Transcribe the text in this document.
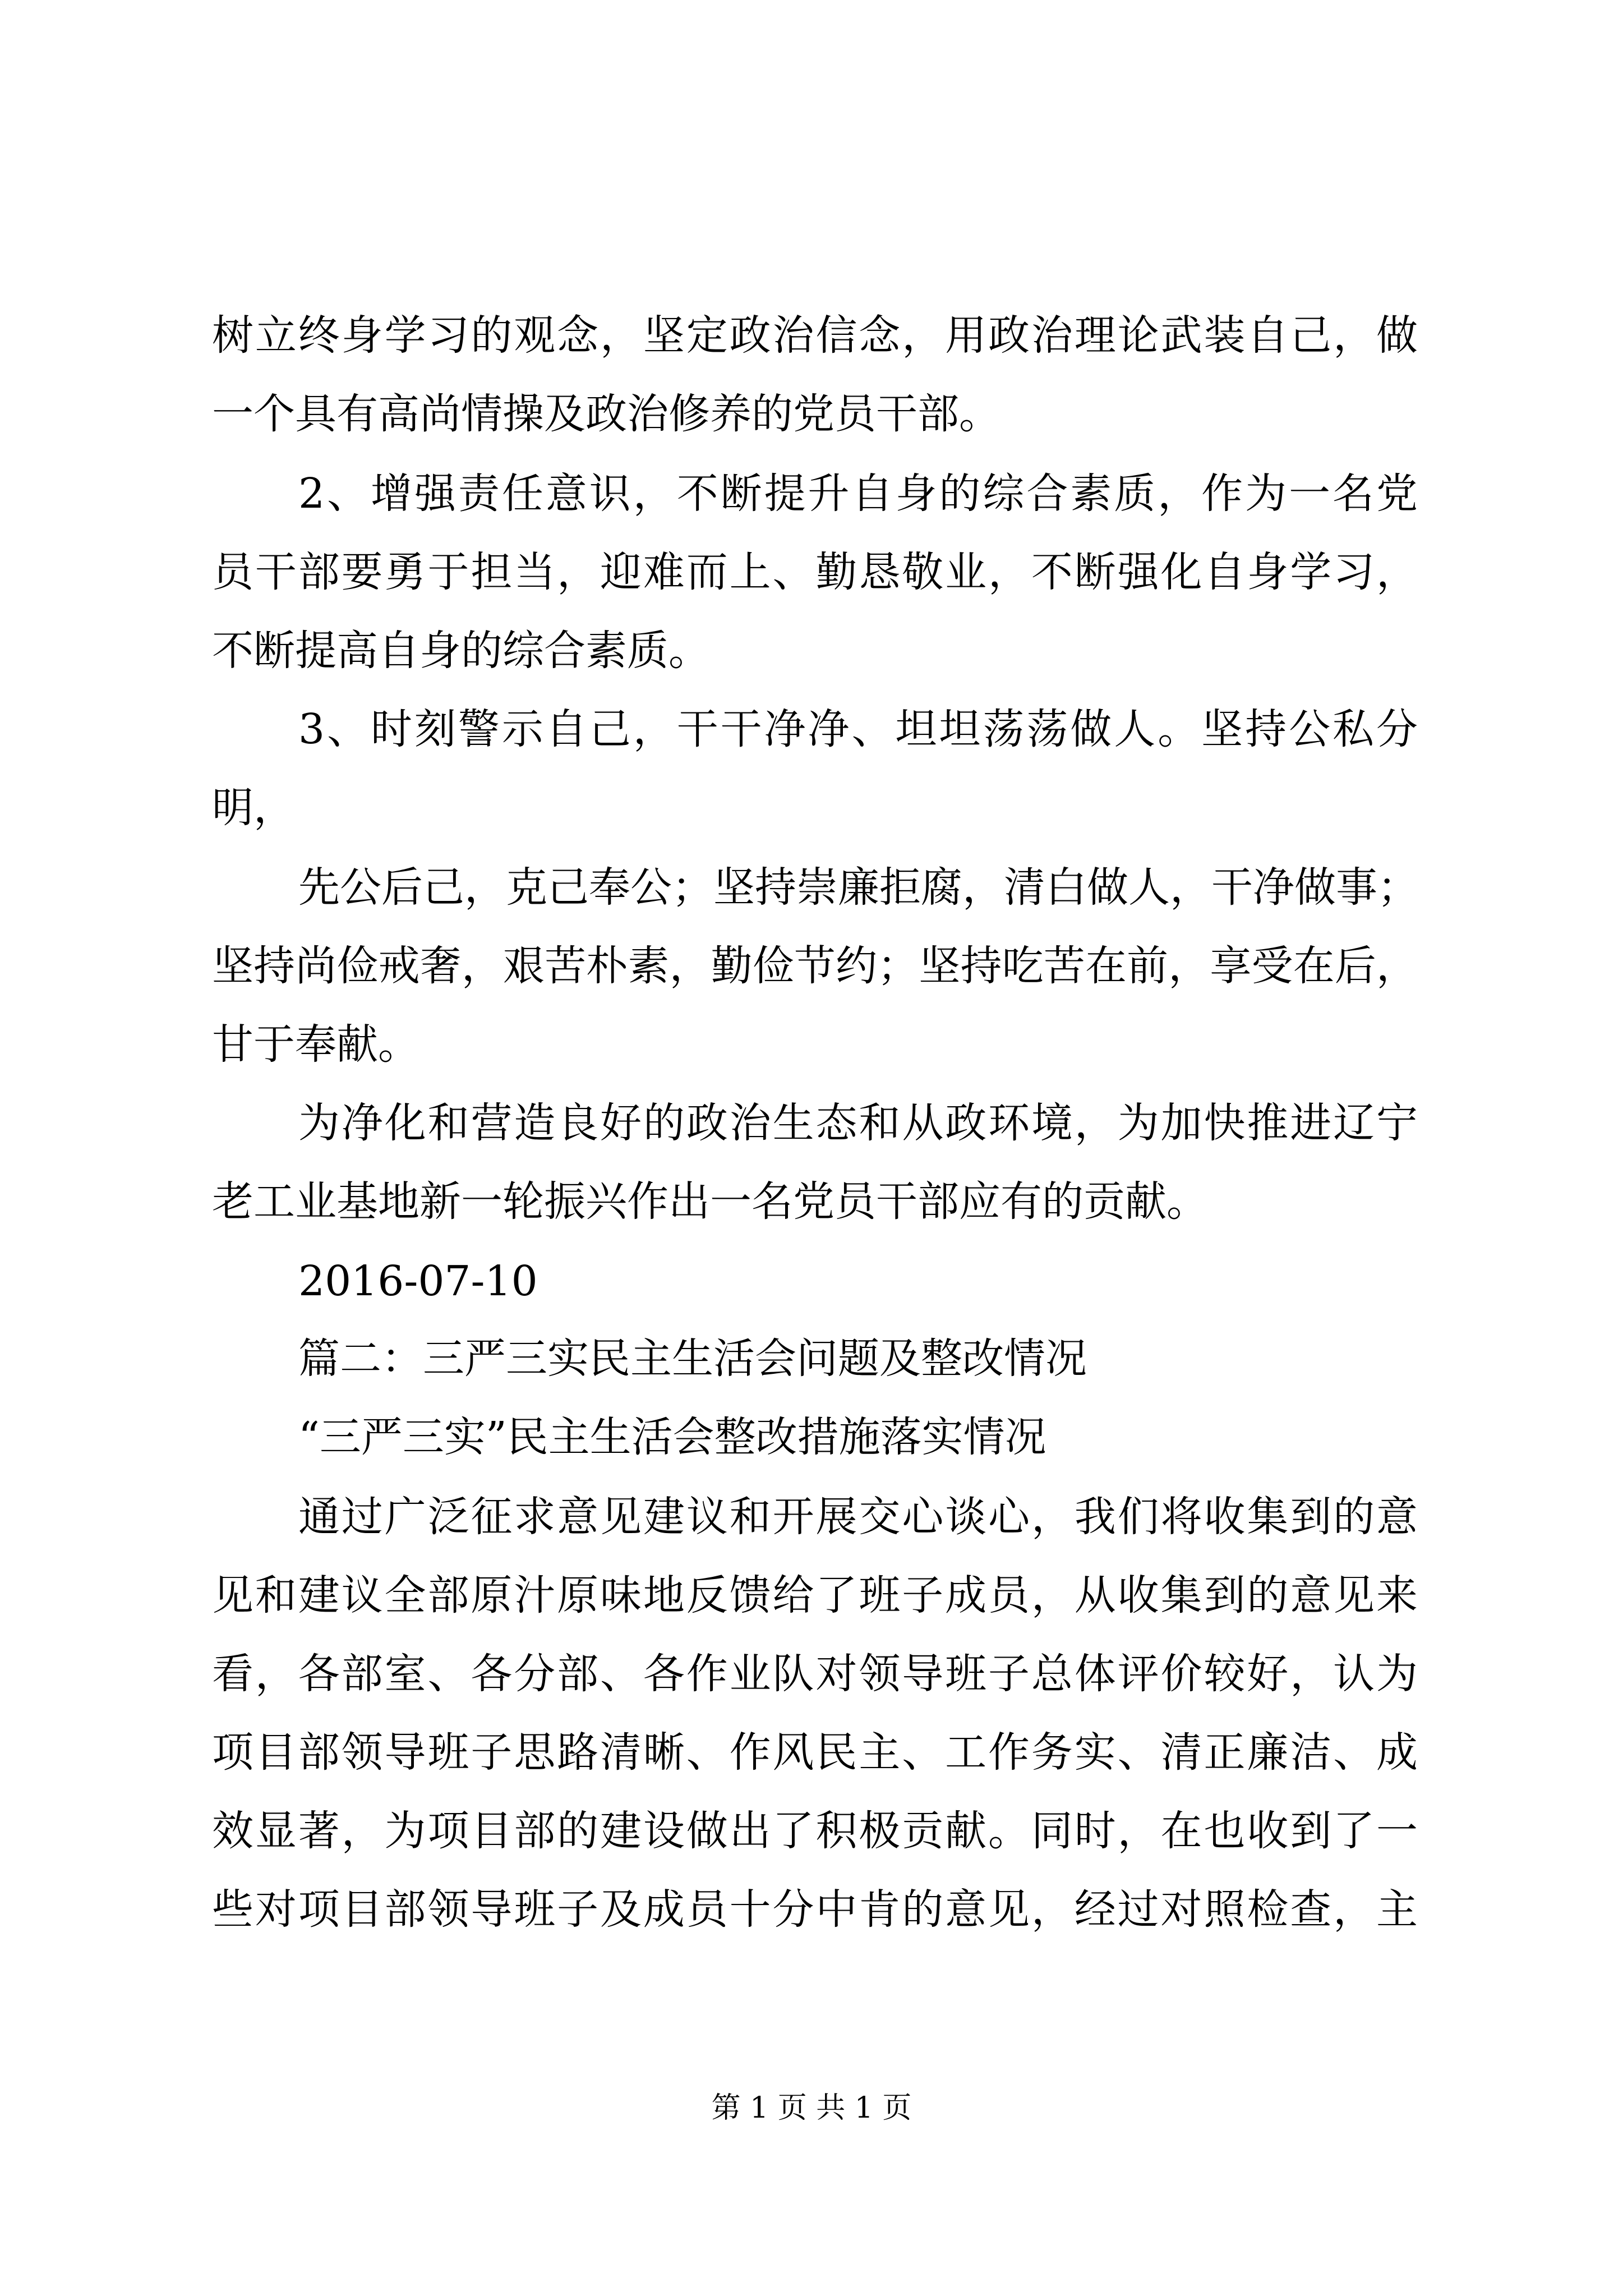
树立终身学习的观念，坚定政治信念，用政治理论武装自己，做
一个具有高尚情操及政治修养的党员干部。
2、增强责任意识，不断提升自身的综合素质，作为一名党
员干部要勇于担当，迎难而上、勤恳敬业，不断强化自身学习，
不断提高自身的综合素质。
3、时刻警示自己，干干净净、坦坦荡荡做人。坚持公私分
明，
先公后己，克己奉公；坚持崇廉拒腐，清白做人，干净做事；
坚持尚俭戒奢，艰苦朴素，勤俭节约；坚持吃苦在前，享受在后，
甘于奉献。
为净化和营造良好的政治生态和从政环境，为加快推进辽宁
老工业基地新一轮振兴作出一名党员干部应有的贡献。
2016-07-10
篇二：三严三实民主生活会问题及整改情况
“三严三实”民主生活会整改措施落实情况
通过广泛征求意见建议和开展交心谈心，我们将收集到的意
见和建议全部原汁原味地反馈给了班子成员，从收集到的意见来
看，各部室、各分部、各作业队对领导班子总体评价较好，认为
项目部领导班子思路清晰、作风民主、工作务实、清正廉洁、成
效显著，为项目部的建设做出了积极贡献。同时，在也收到了一
些对项目部领导班子及成员十分中肯的意见，经过对照检查，主
第 1 页 共 1 页
